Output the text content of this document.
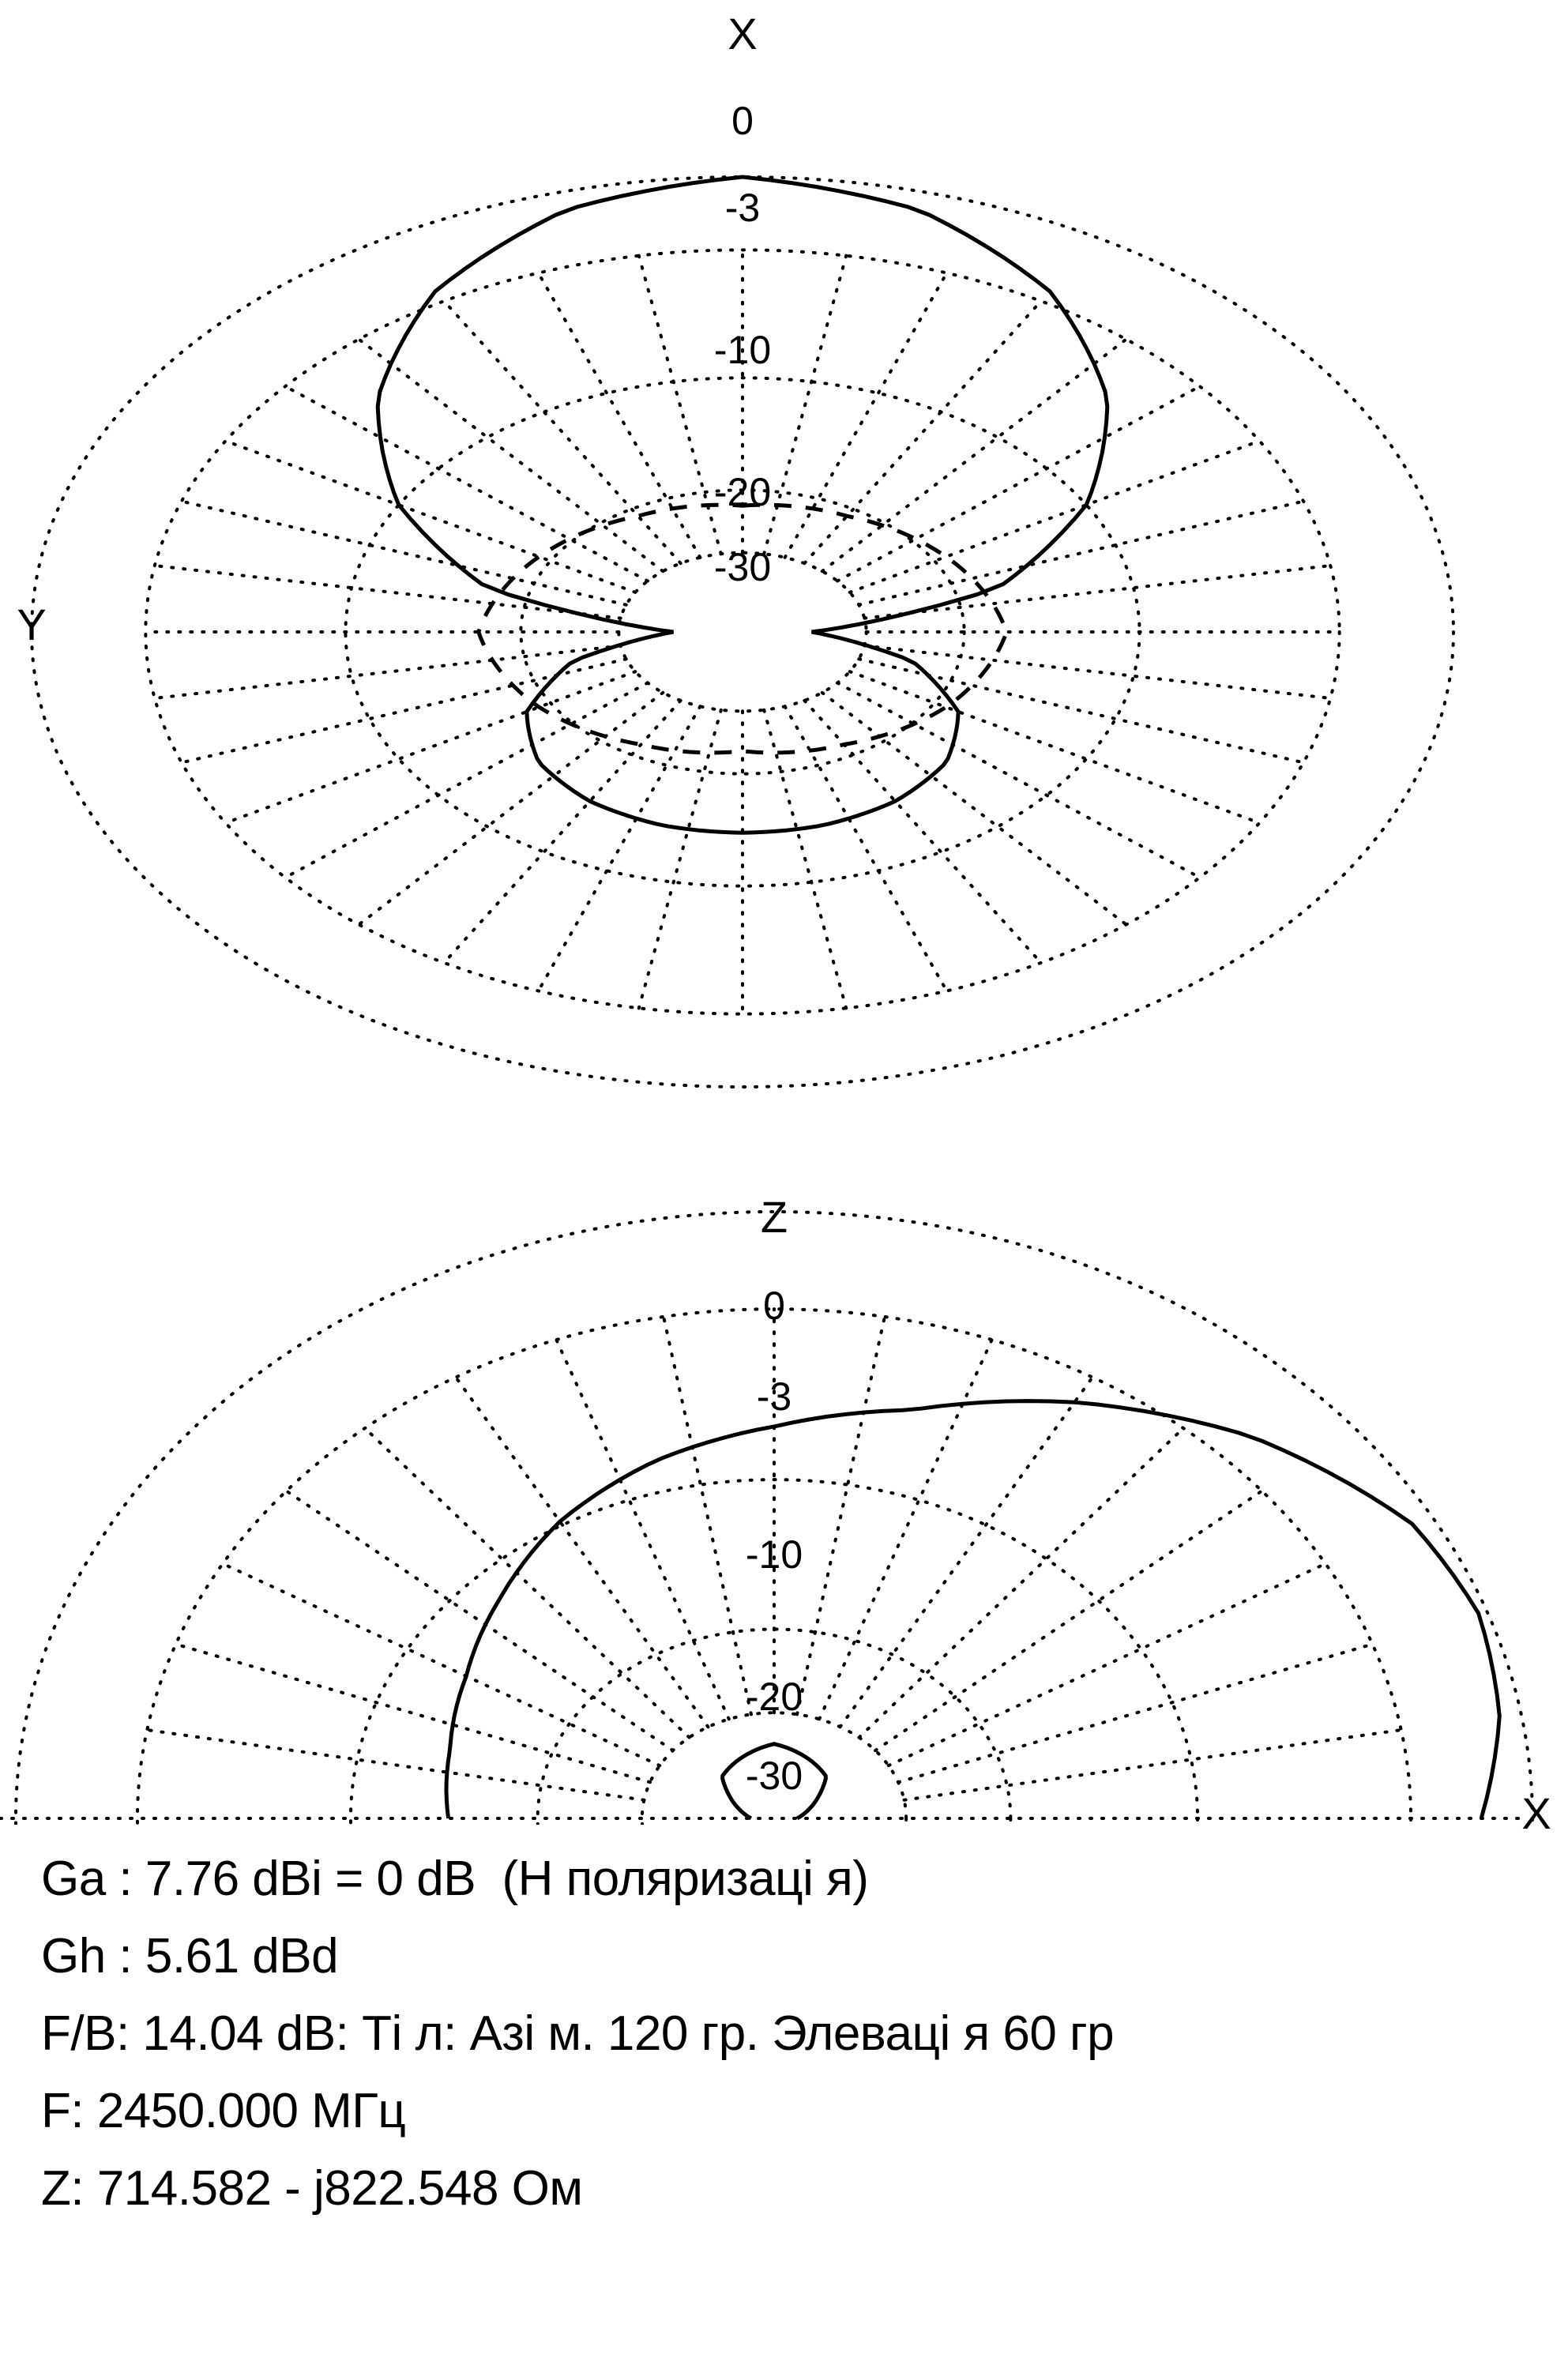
X
Y
0
-3
-10
-20
-30
Z
X
0
-3
-10
-20
-30
Ga : 7.76 dBi = 0 dB  (Н поляризаці я)
Gh : 5.61 dBd
F/B: 14.04 dB: Ті л: Азі м. 120 гр. Элеваці я 60 гр
F: 2450.000 МГц
Z: 714.582 - j822.548 Ом
